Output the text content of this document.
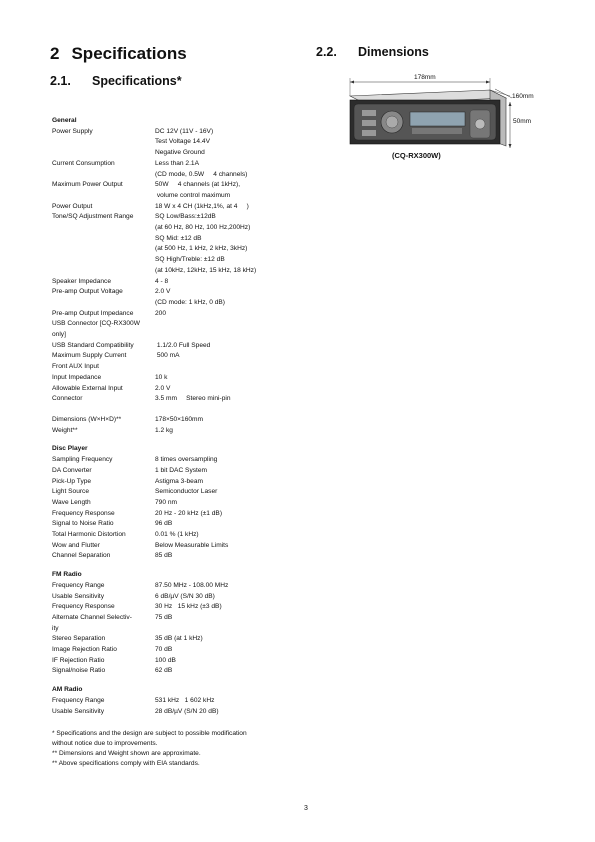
2 Specifications
2.1. Specifications*
2.2. Dimensions
178mm
160mm
50mm
(CQ-RX300W)
General
Power Supply	DC 12V (11V - 16V)
Test Voltage 14.4V
Negative Ground
Current Consumption	Less than 2.1A
(CD mode, 0.5W     4 channels)
Maximum Power Output	50W     4 channels (at 1kHz),
volume control maximum
Power Output	18 W x 4 CH (1kHz,1%, at 4     )
Tone/SQ Adjustment Range	SQ Low/Bass:±12dB
(at 60 Hz, 80 Hz, 100 Hz,200Hz)
SQ Mid: ±12 dB
(at 500 Hz, 1 kHz, 2 kHz, 3kHz)
SQ High/Treble: ±12 dB
(at 10kHz, 12kHz, 15 kHz, 18 kHz)
Speaker Impedance	4 - 8
Pre-amp Output Voltage	2.0 V
(CD mode: 1 kHz, 0 dB)
Pre-amp Output Impedance	200
USB Connector [CQ-RX300W only]
USB Standard Compatibility	1.1/2.0 Full Speed
Maximum Supply Current	500 mA
Front AUX Input
Input Impedance	10 k
Allowable External Input	2.0 V
Connector	3.5 mm     Stereo mini-pin
Dimensions (W×H×D)**	178×50×160mm
Weight**	1.2 kg
Disc Player
Sampling Frequency	8 times oversampling
DA Converter	1 bit DAC System
Pick-Up Type	Astigma 3-beam
Light Source	Semiconductor Laser
Wave Length	790 nm
Frequency Response	20 Hz - 20 kHz (±1 dB)
Signal to Noise Ratio	96 dB
Total Harmonic Distortion	0.01 % (1 kHz)
Wow and Flutter	Below Measurable Limits
Channel Separation	85 dB
FM Radio
Frequency Range	87.50 MHz - 108.00 MHz
Usable Sensitivity	6 dB/µV (S/N 30 dB)
Frequency Response	30 Hz   15 kHz (±3 dB)
Alternate Channel Selectiv-	75 dB
ity
Stereo Separation	35 dB (at 1 kHz)
Image Rejection Ratio	70 dB
IF Rejection Ratio	100 dB
Signal/noise Ratio	62 dB
AM Radio
Frequency Range	531 kHz   1 602 kHz
Usable Sensitivity	28 dB/µV (S/N 20 dB)
* Specifications and the design are subject to possible modification
without notice due to improvements.
** Dimensions and Weight shown are approximate.
** Above specifications comply with EIA standards.
3
